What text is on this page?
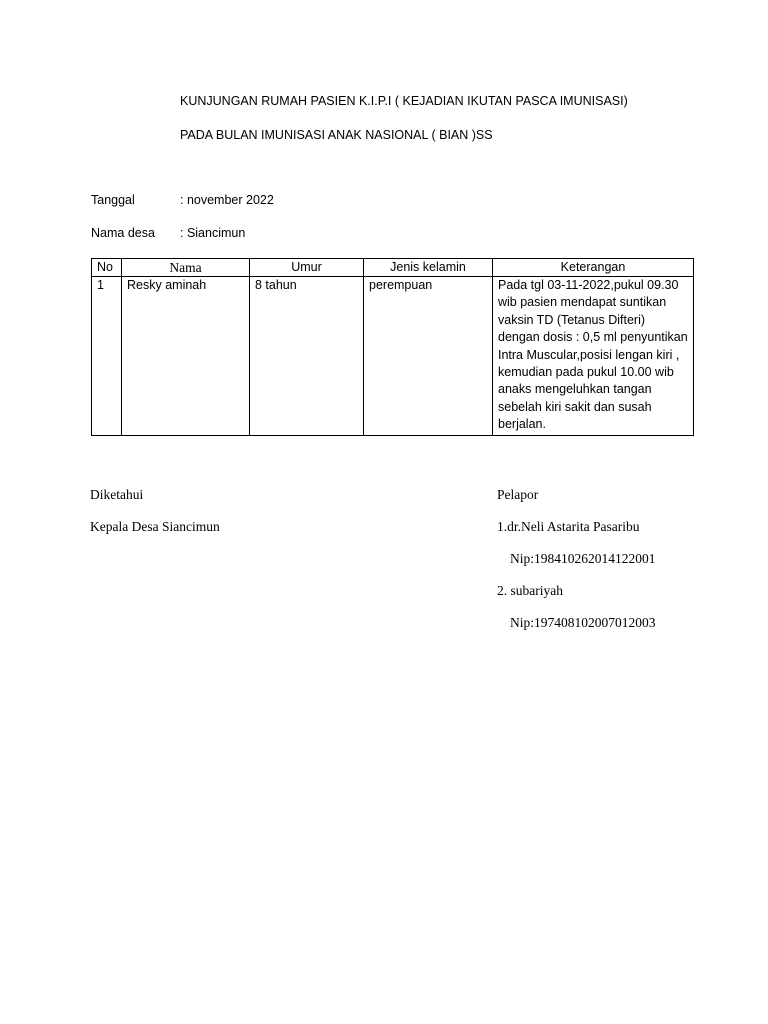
KUNJUNGAN RUMAH PASIEN K.I.P.I ( KEJADIAN IKUTAN PASCA IMUNISASI)
PADA BULAN IMUNISASI ANAK NASIONAL ( BIAN )SS
Tanggal	: november 2022
Nama desa : Siancimun
No	Nama	Umur	Jenis kelamin	Keterangan
1	Resky aminah	8 tahun	perempuan	Pada tgl 03-11-2022,pukul 09.30 wib pasien mendapat suntikan vaksin TD (Tetanus Difteri) dengan dosis : 0,5 ml penyuntikan Intra Muscular,posisi lengan kiri , kemudian pada pukul 10.00 wib anaks mengeluhkan tangan sebelah kiri sakit dan susah berjalan.
Diketahui
Kepala Desa Siancimun
Pelapor
1.dr.Neli Astarita Pasaribu
Nip:198410262014122001
2. subariyah
Nip:197408102007012003
